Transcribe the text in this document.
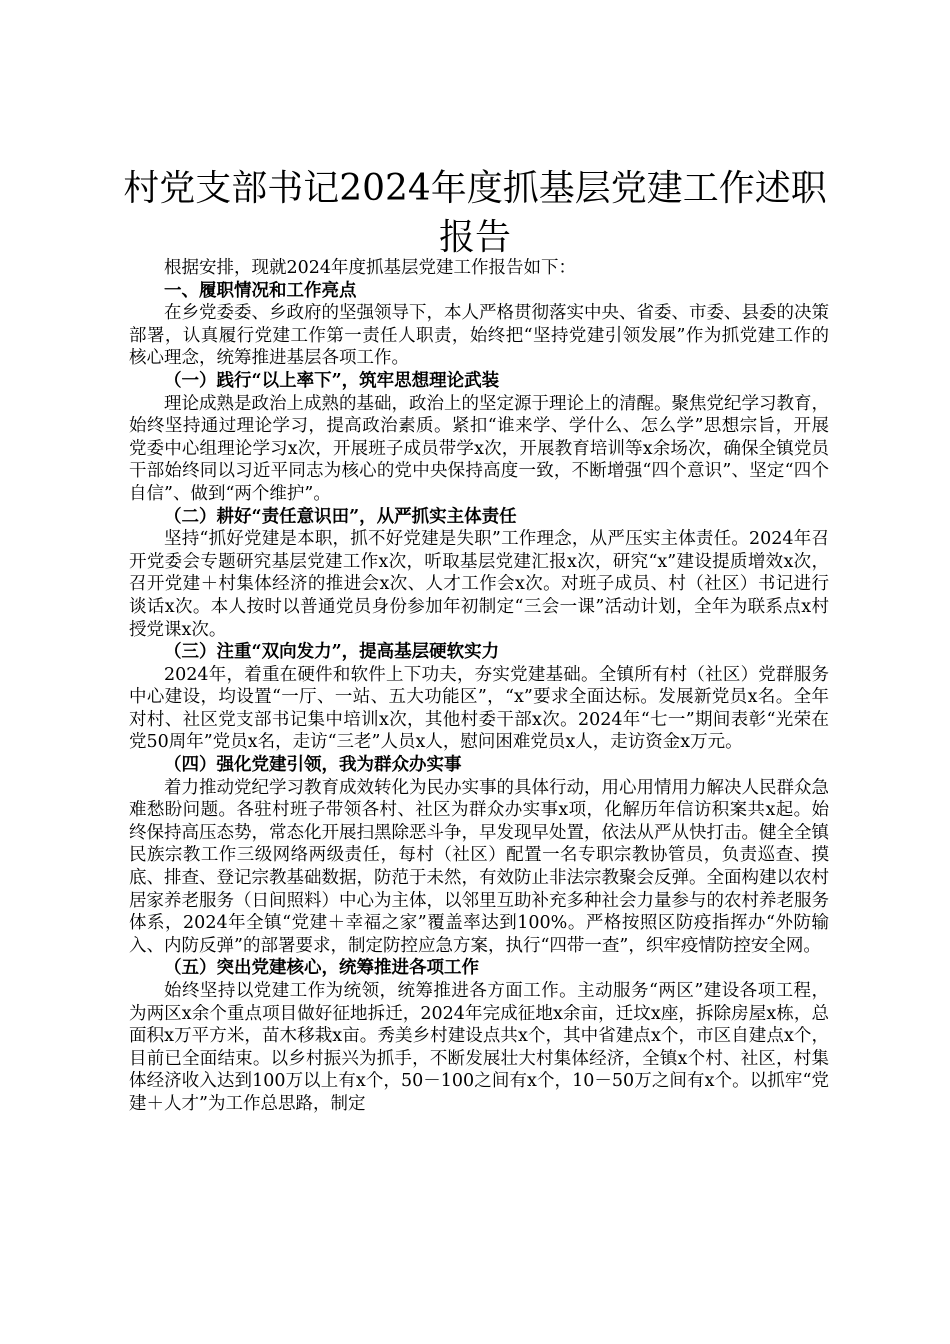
村党支部书记2024年度抓基层党建工作述职报告

根据安排，现就2024年度抓基层党建工作报告如下：

一、履职情况和工作亮点

在乡党委委、乡政府的坚强领导下，本人严格贯彻落实中央、省委、市委、县委的决策部署，认真履行党建工作第一责任人职责，始终把“坚持党建引领发展”作为抓党建工作的核心理念，统筹推进基层各项工作。

（一）践行“以上率下”，筑牢思想理论武装

理论成熟是政治上成熟的基础，政治上的坚定源于理论上的清醒。聚焦党纪学习教育，始终坚持通过理论学习，提高政治素质。紧扣“谁来学、学什么、怎么学”思想宗旨，开展党委中心组理论学习x次，开展班子成员带学x次，开展教育培训等x余场次，确保全镇党员干部始终同以习近平同志为核心的党中央保持高度一致，不断增强“四个意识”、坚定“四个自信”、做到“两个维护”。

（二）耕好“责任意识田”，从严抓实主体责任

坚持“抓好党建是本职，抓不好党建是失职”工作理念，从严压实主体责任。2024年召开党委会专题研究基层党建工作x次，听取基层党建汇报x次，研究“x”建设提质增效x次，召开党建＋村集体经济的推进会x次、人才工作会x次。对班子成员、村（社区）书记进行谈话x次。本人按时以普通党员身份参加年初制定“三会一课”活动计划，全年为联系点x村授党课x次。

（三）注重“双向发力”，提高基层硬软实力

2024年，着重在硬件和软件上下功夫，夯实党建基础。全镇所有村（社区）党群服务中心建设，均设置“一厅、一站、五大功能区”，“x”要求全面达标。发展新党员x名。全年对村、社区党支部书记集中培训x次，其他村委干部x次。2024年“七一”期间表彰“光荣在党50周年”党员x名，走访“三老”人员x人，慰问困难党员x人，走访资金x万元。

（四）强化党建引领，我为群众办实事

着力推动党纪学习教育成效转化为民办实事的具体行动，用心用情用力解决人民群众急难愁盼问题。各驻村班子带领各村、社区为群众办实事x项，化解历年信访积案共x起。始终保持高压态势，常态化开展扫黑除恶斗争，早发现早处置，依法从严从快打击。健全全镇民族宗教工作三级网络两级责任，每村（社区）配置一名专职宗教协管员，负责巡查、摸底、排查、登记宗教基础数据，防范于未然，有效防止非法宗教聚会反弹。全面构建以农村居家养老服务（日间照料）中心为主体，以邻里互助补充多种社会力量参与的农村养老服务体系，2024年全镇“党建＋幸福之家”覆盖率达到100%。严格按照区防疫指挥办“外防输入、内防反弹”的部署要求，制定防控应急方案，执行“四带一查”，织牢疫情防控安全网。

（五）突出党建核心，统筹推进各项工作

始终坚持以党建工作为统领，统筹推进各方面工作。主动服务“两区”建设各项工程，为两区x余个重点项目做好征地拆迁，2024年完成征地x余亩，迁坟x座，拆除房屋x栋，总面积x万平方米，苗木移栽x亩。秀美乡村建设点共x个，其中省建点x个，市区自建点x个，目前已全面结束。以乡村振兴为抓手，不断发展壮大村集体经济，全镇x个村、社区，村集体经济收入达到100万以上有x个，50－100之间有x个，10－50万之间有x个。以抓牢“党建＋人才”为工作总思路，制定
